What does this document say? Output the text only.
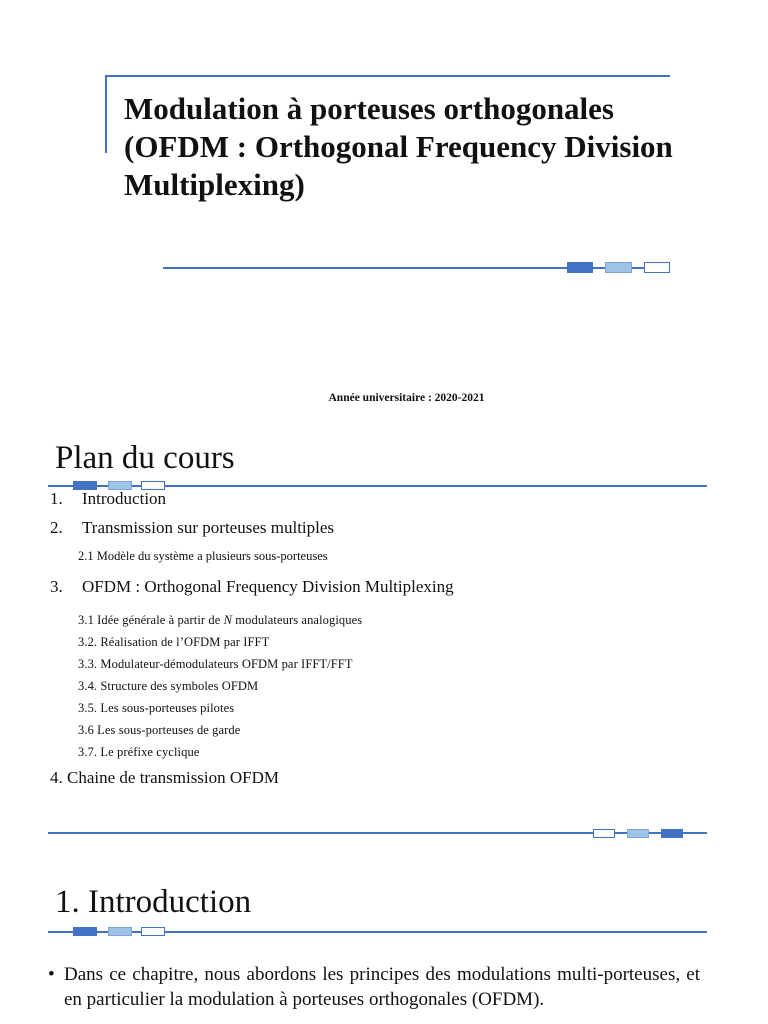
Modulation à porteuses orthogonales (OFDM : Orthogonal Frequency Division Multiplexing)
Année universitaire : 2020-2021
Plan du cours
1. Introduction
2. Transmission sur porteuses multiples
2.1 Modèle du système a plusieurs sous-porteuses
3. OFDM : Orthogonal Frequency Division Multiplexing
3.1 Idée générale à partir de N modulateurs analogiques
3.2. Réalisation de l’OFDM par IFFT
3.3. Modulateur-démodulateurs OFDM par IFFT/FFT
3.4. Structure des symboles OFDM
3.5. Les sous-porteuses pilotes
3.6 Les sous-porteuses de garde
3.7. Le préfixe cyclique
4. Chaine de transmission OFDM
1. Introduction
• Dans ce chapitre, nous abordons les principes des modulations multi-porteuses, et en particulier la modulation à porteuses orthogonales (OFDM).
